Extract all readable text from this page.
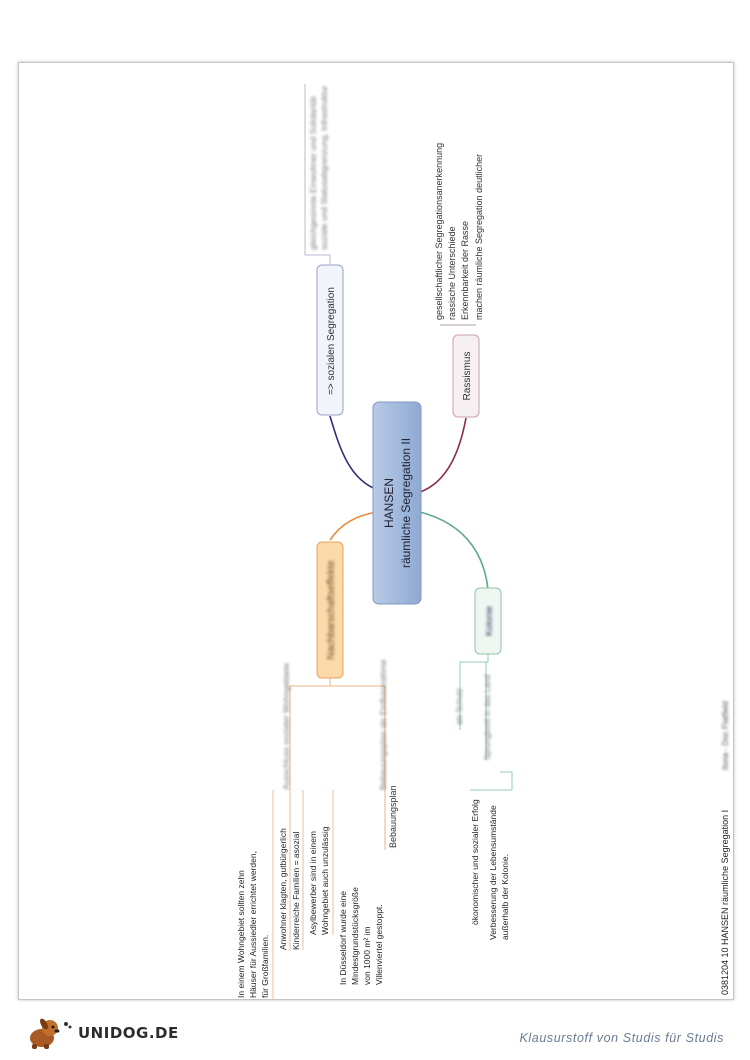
HANSEN räumliche Segregation II
=> sozialen Segregation
gleichgesinnte Einwohner und Solidarität soziale und Statusabgrenzung, Infrastruktur
Rassismus
gesellschaftlicher Segregationsanerkennung rassische Unterschiede Erkennbarkeit der Rasse machen räumliche Segregation deutlicher
Nachbarschaftseffekte
Ausschluss sozialer Wohngebiete	Bebauungsplan als Einflussnahme
Bebauungsplan
In einem Wohngebiet sollten zehn Häuser für Aussiedler errichtet werden, für Großfamilien.
Anwohner klagten, gutbürgerlich Kinderreiche Familien = asozial Asylbewerber sind in einem Wohngebiet auch unzulässig
In Düsseldorf wurde eine Mindestgrundstücksgröße von 1000 m² im Villenviertel gestoppt.
Kolonie
als Schutz Sprungbrett in das Land
ökonomischer und sozialer Erfolg Verbesserung der Lebensumstände außerhalb der Kolonie.	0381204 10 HANSEN räumliche Segregation I
Ilona - Doc Flatfield
UNIDOG.DE	Klausurstoff von Studis für Studis
